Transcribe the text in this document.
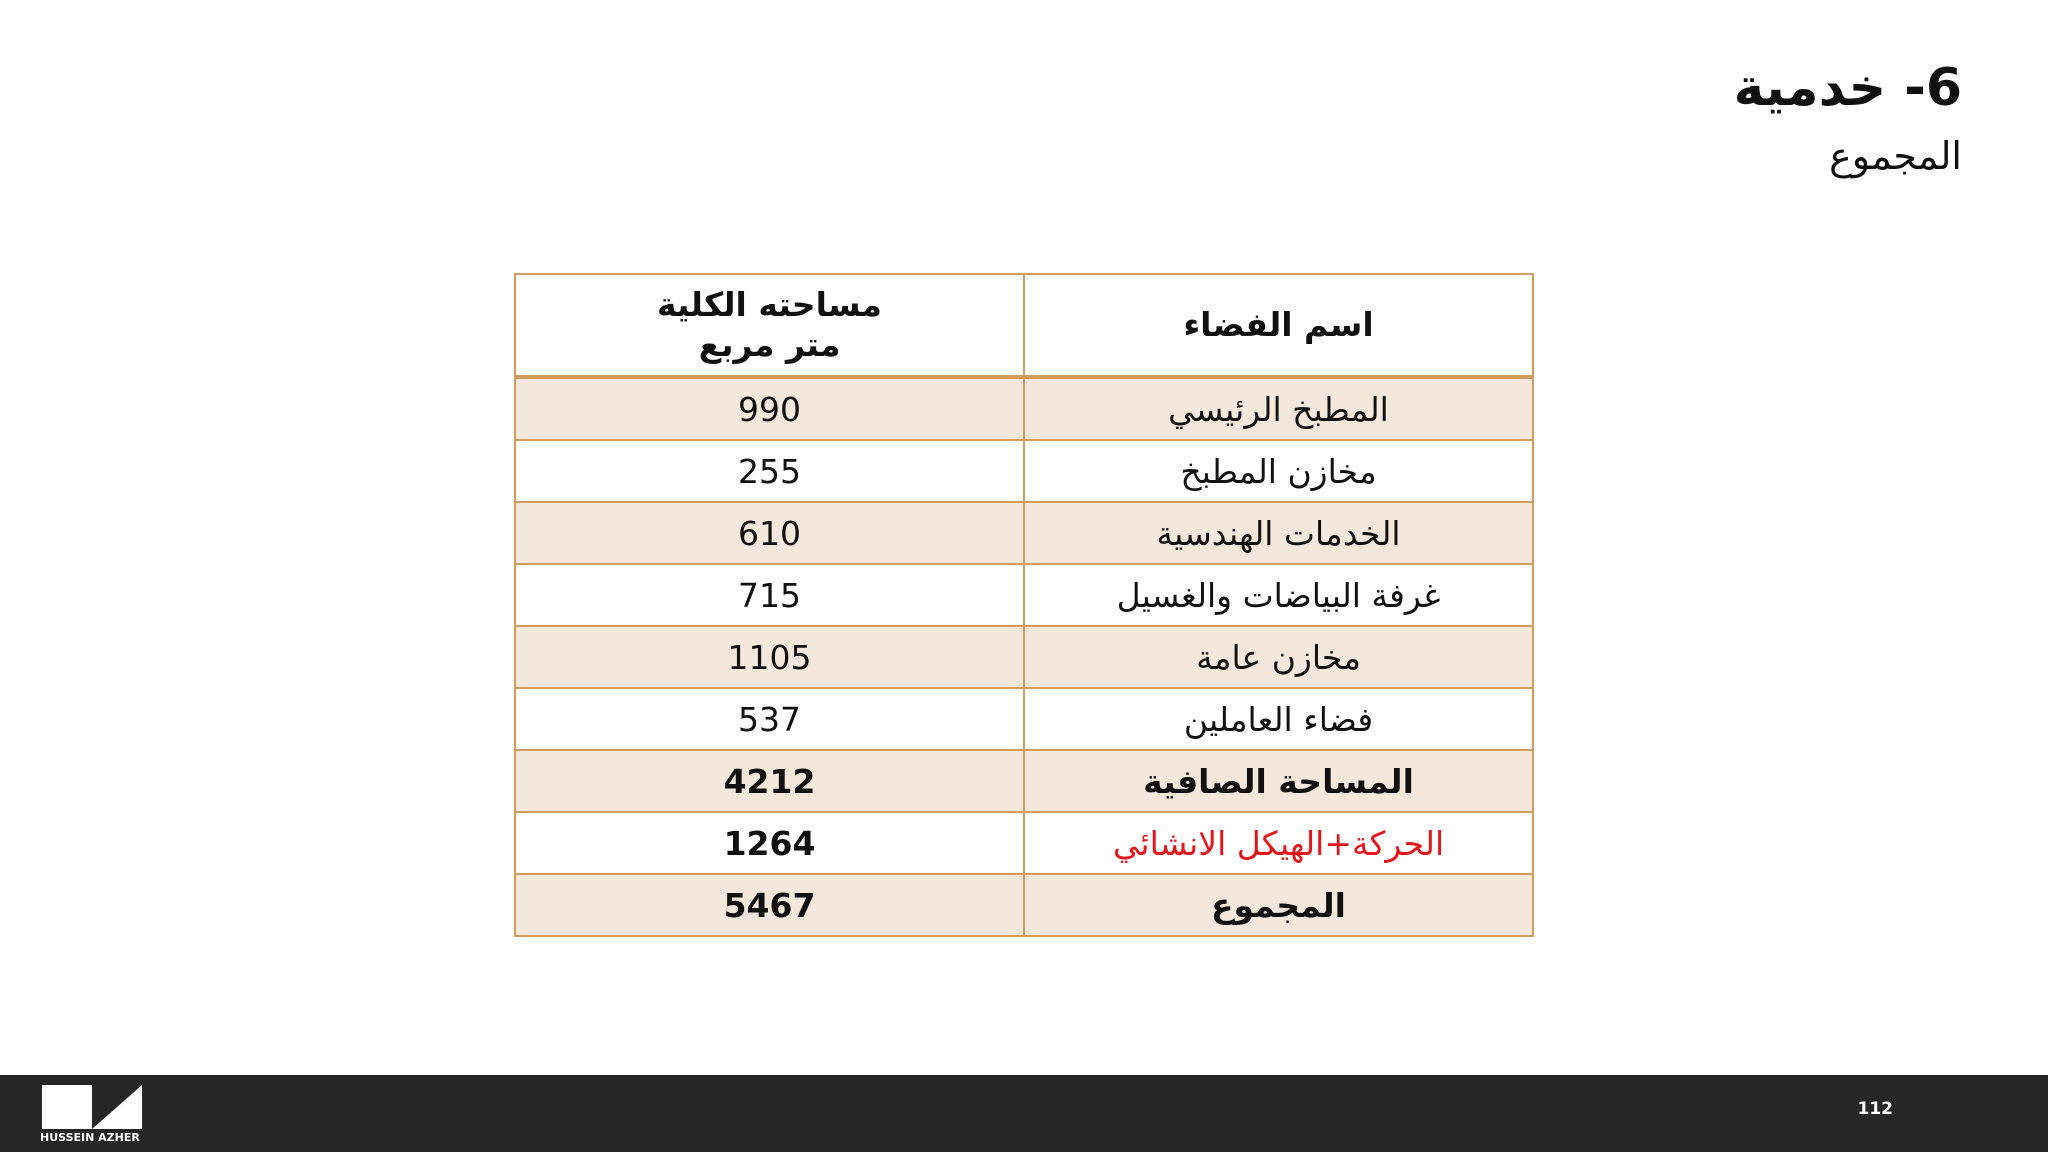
6- خدمية
المجموع
اسم الفضاء	مساحته الكلية
متر مربع

المطبخ الرئيسي	990
مخازن المطبخ	255
الخدمات الهندسية	610
غرفة البياضات والغسيل	715
مخازن عامة	1105
فضاء العاملين	537
المساحة الصافية	4212
الحركة+الهيكل الانشائي	1264
المجموع	5467
HUSSEIN AZHER
112
